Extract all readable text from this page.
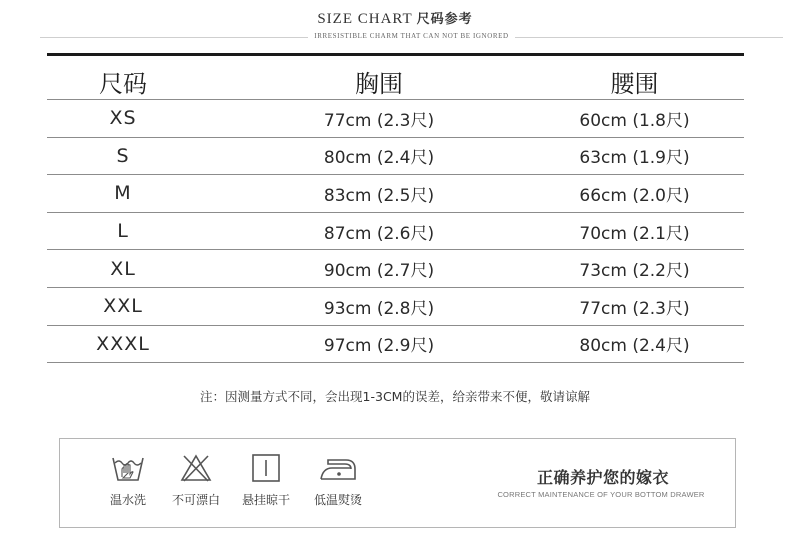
SIZE CHART 尺码参考
IRRESISTIBLE CHARM THAT CAN NOT BE IGNORED
尺码	胸围	腰围
XS	77cm (2.3尺)	60cm (1.8尺)
S	80cm (2.4尺)	63cm (1.9尺)
M	83cm (2.5尺)	66cm (2.0尺)
L	87cm (2.6尺)	70cm (2.1尺)
XL	90cm (2.7尺)	73cm (2.2尺)
XXL	93cm (2.8尺)	77cm (2.3尺)
XXXL	97cm (2.9尺)	80cm (2.4尺)
注：因测量方式不同，会出现1-3CM的误差，给亲带来不便，敬请谅解
温水洗	不可漂白	悬挂晾干	低温熨烫
正确养护您的嫁衣
CORRECT MAINTENANCE OF YOUR BOTTOM DRAWER
